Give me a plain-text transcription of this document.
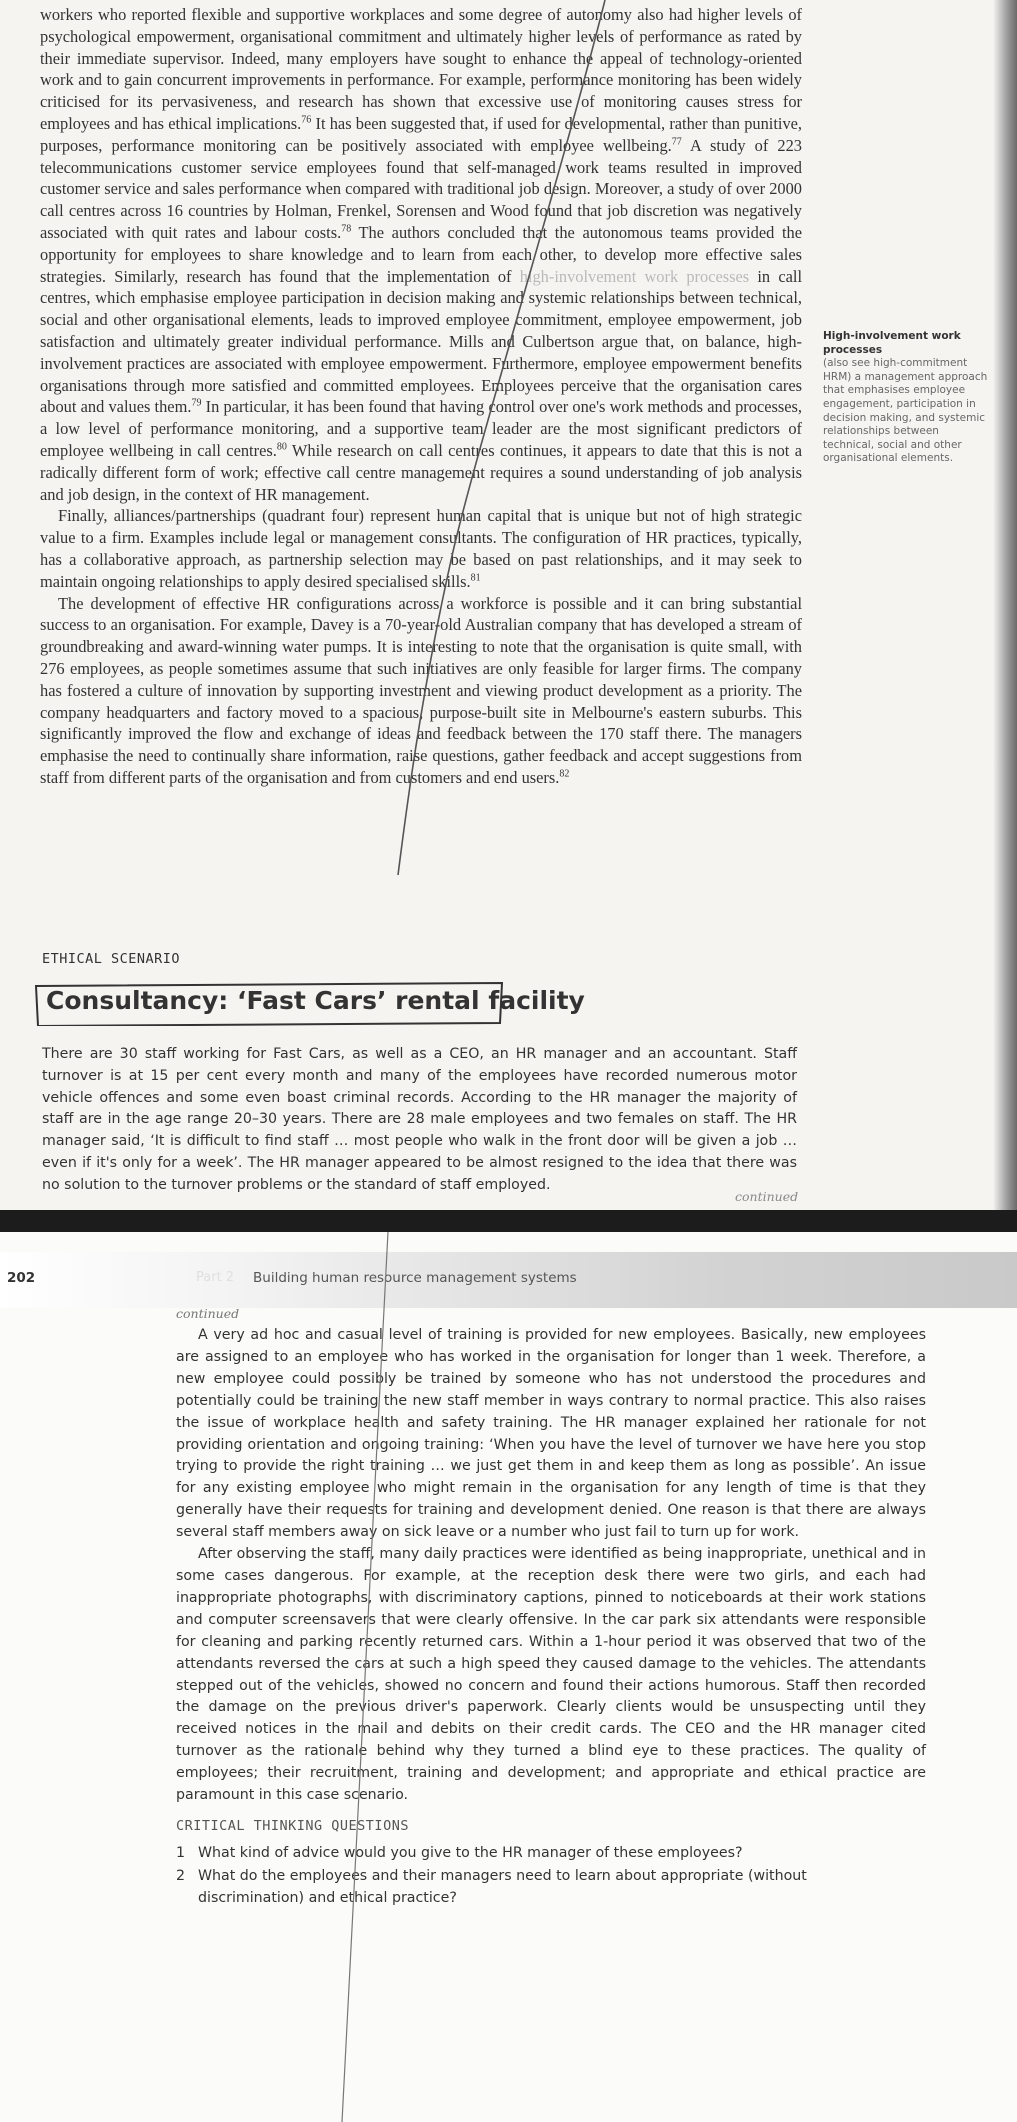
workers who reported flexible and supportive workplaces and some degree of autonomy also had higher levels of psychological empowerment, organisational commitment and ultimately higher levels of performance as rated by their immediate supervisor. Indeed, many employers have sought to enhance the appeal of technology-oriented work and to gain concurrent improvements in performance. For example, performance monitoring has been widely criticised for its pervasiveness, and research has shown that excessive use of monitoring causes stress for employees and has ethical implications.$^{76}$ It has been suggested that, if used for developmental, rather than punitive, purposes, performance monitoring can be positively associated with employee wellbeing.$^{77}$ A study of 223 telecommunications customer service employees found that self-managed work teams resulted in improved customer service and sales performance when compared with traditional job design. Moreover, a study of over 2000 call centres across 16 countries by Holman, Frenkel, Sorensen and Wood found that job discretion was negatively associated with quit rates and labour costs.$^{78}$ The authors concluded that the autonomous teams provided the opportunity for employees to share knowledge and to learn from each other, to develop more effective sales strategies. Similarly, research has found that the implementation of high-involvement work processes in call centres, which emphasise employee participation in decision making and systemic relationships between technical, social and other organisational elements, leads to improved employee commitment, employee empowerment, job satisfaction and ultimately greater individual performance. Mills and Culbertson argue that, on balance, high-involvement practices are associated with employee empowerment. Furthermore, employee empowerment benefits organisations through more satisfied and committed employees. Employees perceive that the organisation cares about and values them.$^{79}$ In particular, it has been found that having control over one's work methods and processes, a low level of performance monitoring, and a supportive team leader are the most significant predictors of employee wellbeing in call centres.$^{80}$ While research on call centres continues, it appears to date that this is not a radically different form of work; effective call centre management requires a sound understanding of job analysis and job design, in the context of HR management.

Finally, alliances/partnerships (quadrant four) represent human capital that is unique but not of high strategic value to a firm. Examples include legal or management consultants. The configuration of HR practices, typically, has a collaborative approach, as partnership selection may be based on past relationships, and it may seek to maintain ongoing relationships to apply desired specialised skills.$^{81}$

The development of effective HR configurations across a workforce is possible and it can bring substantial success to an organisation. For example, Davey is a 70-year-old Australian company that has developed a stream of groundbreaking and award-winning water pumps. It is interesting to note that the organisation is quite small, with 276 employees, as people sometimes assume that such initiatives are only feasible for larger firms. The company has fostered a culture of innovation by supporting investment and viewing product development as a priority. The company headquarters and factory moved to a spacious, purpose-built site in Melbourne's eastern suburbs. This significantly improved the flow and exchange of ideas and feedback between the 170 staff there. The managers emphasise the need to continually share information, raise questions, gather feedback and accept suggestions from staff from different parts of the organisation and from customers and end users.$^{82}$

High-involvement work processes
(also see high-commitment HRM) a management approach that emphasises employee engagement, participation in decision making, and systemic relationships between technical, social and other organisational elements.
ETHICAL SCENARIO
Consultancy: ‘Fast Cars’ rental facility
There are 30 staff working for Fast Cars, as well as a CEO, an HR manager and an accountant. Staff turnover is at 15 per cent every month and many of the employees have recorded numerous motor vehicle offences and some even boast criminal records. According to the HR manager the majority of staff are in the age range 20–30 years. There are 28 male employees and two females on staff. The HR manager said, ‘It is difficult to find staff … most people who walk in the front door will be given a job … even if it's only for a week’. The HR manager appeared to be almost resigned to the idea that there was no solution to the turnover problems or the standard of staff employed.
continued
202	Part 2 Building human resource management systems
continued

A very ad hoc and casual level of training is provided for new employees. Basically, new employees are assigned to an employee who has worked in the organisation for longer than 1 week. Therefore, a new employee could possibly be trained by someone who has not understood the procedures and potentially could be training the new staff member in ways contrary to normal practice. This also raises the issue of workplace health and safety training. The HR manager explained her rationale for not providing orientation and ongoing training: ‘When you have the level of turnover we have here you stop trying to provide the right training … we just get them in and keep them as long as possible’. An issue for any existing employee who might remain in the organisation for any length of time is that they generally have their requests for training and development denied. One reason is that there are always several staff members away on sick leave or a number who just fail to turn up for work.

After observing the staff, many daily practices were identified as being inappropriate, unethical and in some cases dangerous. For example, at the reception desk there were two girls, and each had inappropriate photographs, with discriminatory captions, pinned to noticeboards at their work stations and computer screensavers that were clearly offensive. In the car park six attendants were responsible for cleaning and parking recently returned cars. Within a 1-hour period it was observed that two of the attendants reversed the cars at such a high speed they caused damage to the vehicles. The attendants stepped out of the vehicles, showed no concern and found their actions humorous. Staff then recorded the damage on the previous driver's paperwork. Clearly clients would be unsuspecting until they received notices in the mail and debits on their credit cards. The CEO and the HR manager cited turnover as the rationale behind why they turned a blind eye to these practices. The quality of employees; their recruitment, training and development; and appropriate and ethical practice are paramount in this case scenario.

CRITICAL THINKING QUESTIONS
1 What kind of advice would you give to the HR manager of these employees?
2 What do the employees and their managers need to learn about appropriate (without discrimination) and ethical practice?
